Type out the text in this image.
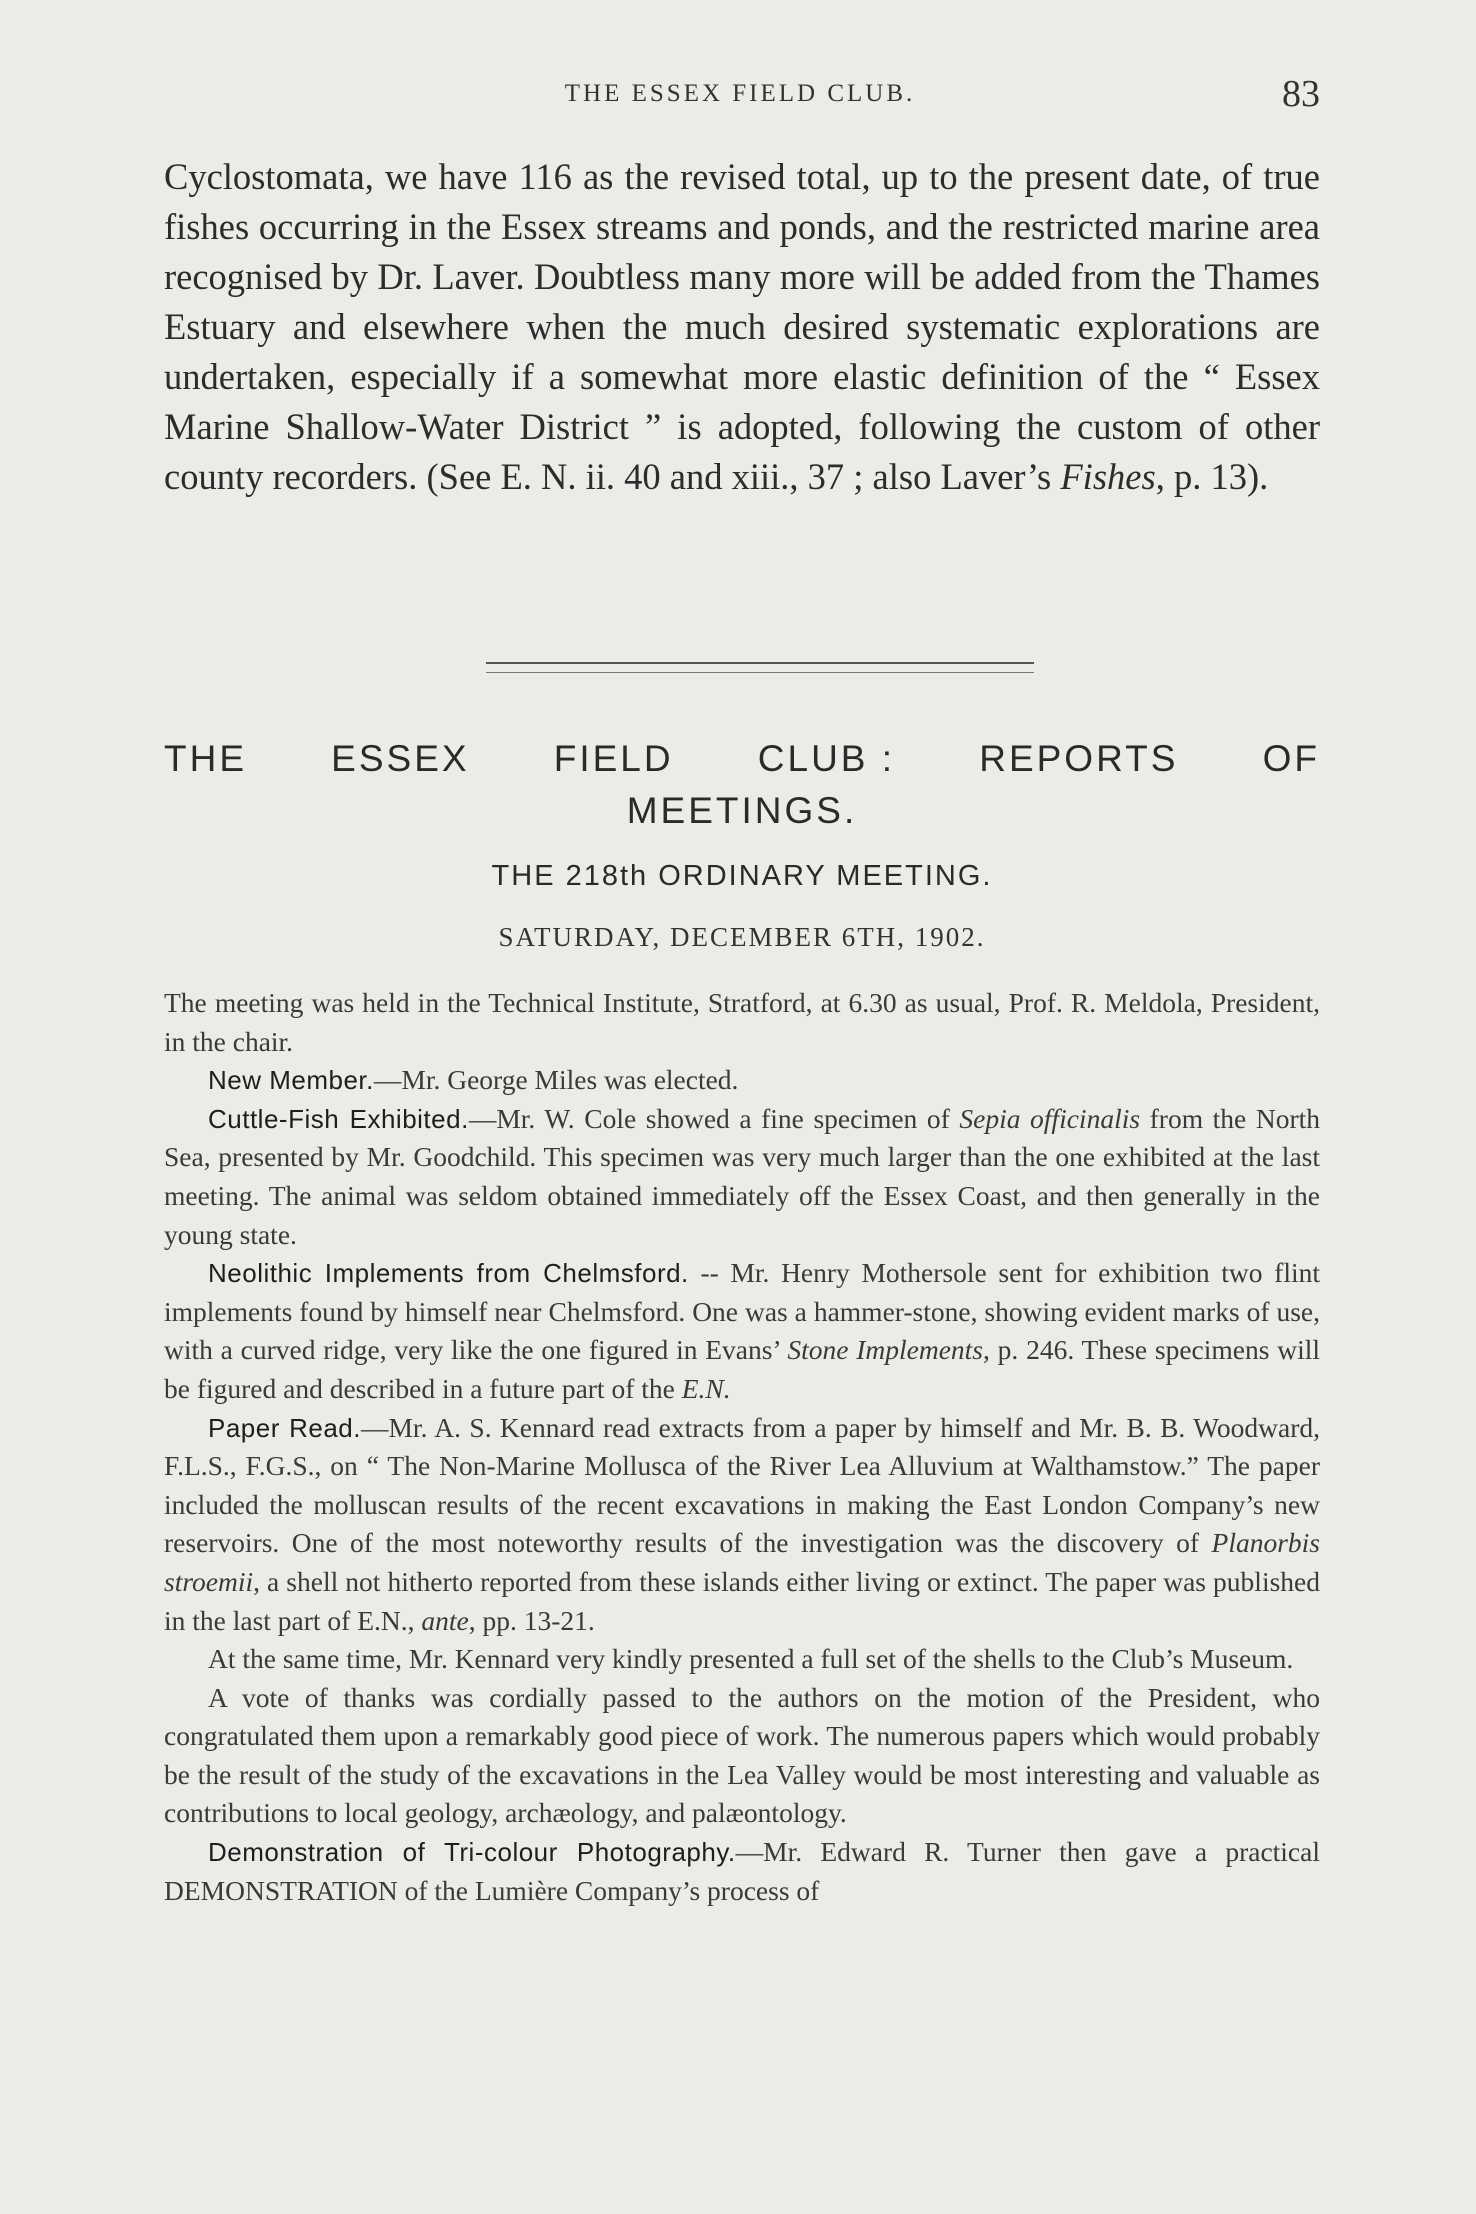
THE ESSEX FIELD CLUB.	83

Cyclostomata, we have 116 as the revised total, up to the present date, of true fishes occurring in the Essex streams and ponds, and the restricted marine area recognised by Dr. Laver. Doubtless many more will be added from the Thames Estuary and elsewhere when the much desired systematic explorations are undertaken, especially if a somewhat more elastic definition of the “ Essex Marine Shallow-Water District ” is adopted, following the custom of other county recorders. (See E. N. ii. 40 and xiii., 37 ; also Laver’s Fishes, p. 13).

THE ESSEX FIELD CLUB : REPORTS OF
MEETINGS.
THE 218th ORDINARY MEETING.
SATURDAY, DECEMBER 6TH, 1902.

The meeting was held in the Technical Institute, Stratford, at 6.30 as usual, Prof. R. Meldola, President, in the chair.

New Member.—Mr. George Miles was elected.

Cuttle-Fish Exhibited.—Mr. W. Cole showed a fine specimen of Sepia officinalis from the North Sea, presented by Mr. Goodchild. This specimen was very much larger than the one exhibited at the last meeting. The animal was seldom obtained immediately off the Essex Coast, and then generally in the young state.

Neolithic Implements from Chelmsford. -- Mr. Henry Mothersole sent for exhibition two flint implements found by himself near Chelmsford. One was a hammer-stone, showing evident marks of use, with a curved ridge, very like the one figured in Evans’ Stone Implements, p. 246. These specimens will be figured and described in a future part of the E.N.

Paper Read.—Mr. A. S. Kennard read extracts from a paper by himself and Mr. B. B. Woodward, F.L.S., F.G.S., on “ The Non-Marine Mollusca of the River Lea Alluvium at Walthamstow.” The paper included the molluscan results of the recent excavations in making the East London Company’s new reservoirs. One of the most noteworthy results of the investigation was the discovery of Planorbis stroemii, a shell not hitherto reported from these islands either living or extinct. The paper was published in the last part of E.N., ante, pp. 13-21.

At the same time, Mr. Kennard very kindly presented a full set of the shells to the Club’s Museum.

A vote of thanks was cordially passed to the authors on the motion of the President, who congratulated them upon a remarkably good piece of work. The numerous papers which would probably be the result of the study of the excavations in the Lea Valley would be most interesting and valuable as contributions to local geology, archæology, and palæontology.

Demonstration of Tri-colour Photography.—Mr. Edward R. Turner then gave a practical DEMONSTRATION of the Lumière Company’s process of
